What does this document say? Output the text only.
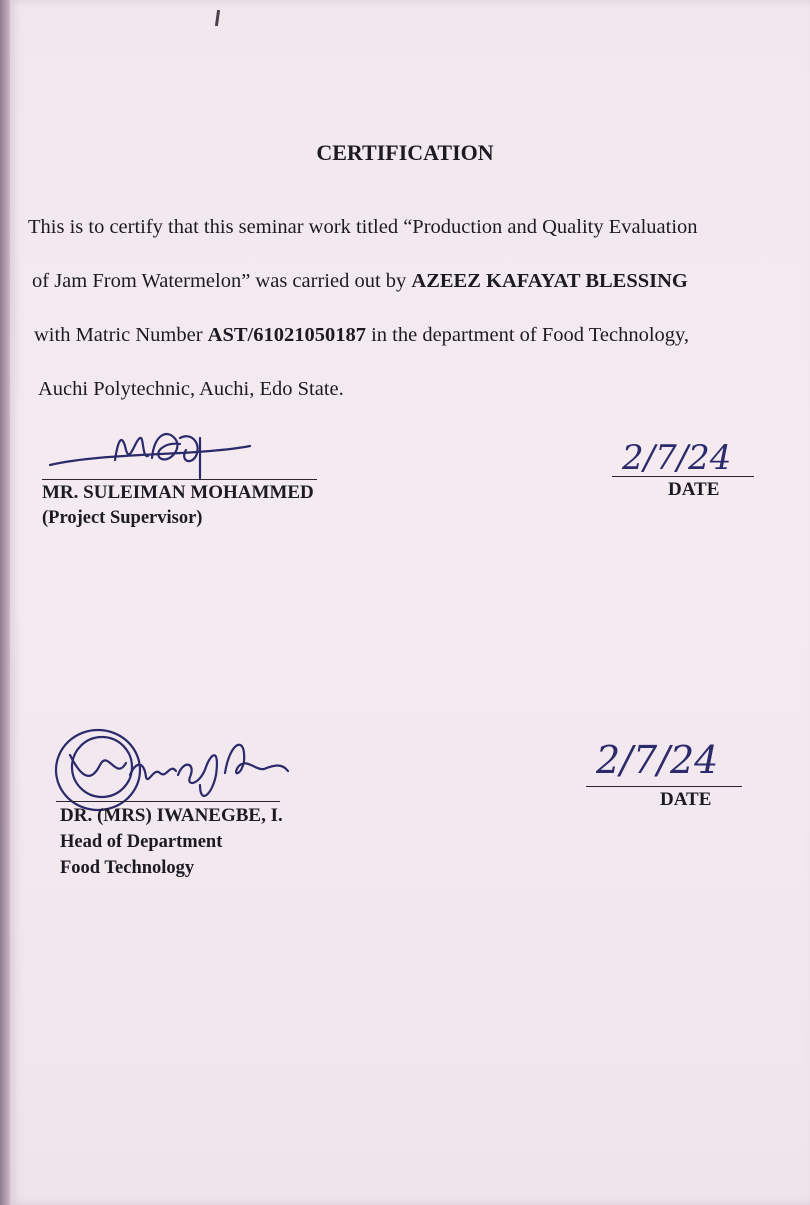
CERTIFICATION
This is to certify that this seminar work titled “Production and Quality Evaluation
of Jam From Watermelon” was carried out by AZEEZ KAFAYAT BLESSING
with Matric Number AST/61021050187 in the department of Food Technology,
Auchi Polytechnic, Auchi, Edo State.
MR. SULEIMAN MOHAMMED
(Project Supervisor)
2/7/24
DATE
DR. (MRS) IWANEGBE, I.
Head of Department
Food Technology
2/7/24
DATE
